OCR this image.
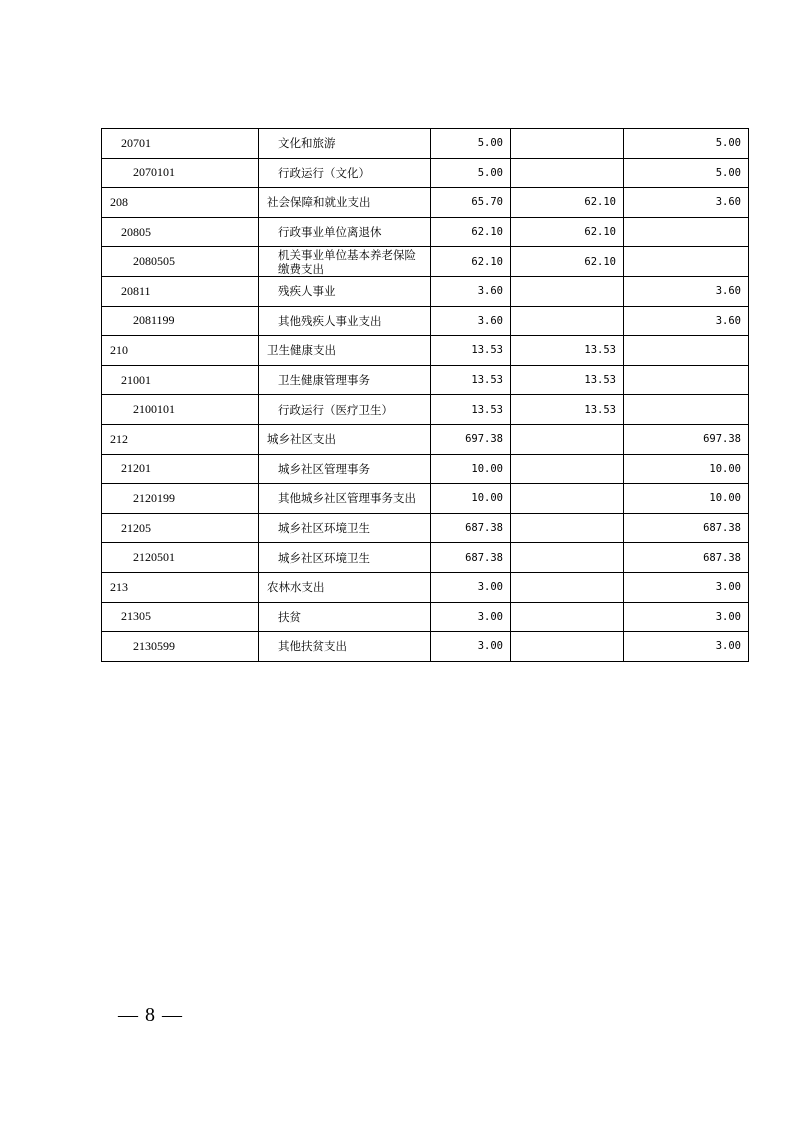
20701	文化和旅游	5.00		5.00
2070101	行政运行（文化）	5.00		5.00
208	社会保障和就业支出	65.70	62.10	3.60
20805	行政事业单位离退休	62.10	62.10	
2080505	机关事业单位基本养老保险缴费支出	62.10	62.10	
20811	残疾人事业	3.60		3.60
2081199	其他残疾人事业支出	3.60		3.60
210	卫生健康支出	13.53	13.53	
21001	卫生健康管理事务	13.53	13.53	
2100101	行政运行（医疗卫生）	13.53	13.53	
212	城乡社区支出	697.38		697.38
21201	城乡社区管理事务	10.00		10.00
2120199	其他城乡社区管理事务支出	10.00		10.00
21205	城乡社区环境卫生	687.38		687.38
2120501	城乡社区环境卫生	687.38		687.38
213	农林水支出	3.00		3.00
21305	扶贫	3.00		3.00
2130599	其他扶贫支出	3.00		3.00
— 8 —
